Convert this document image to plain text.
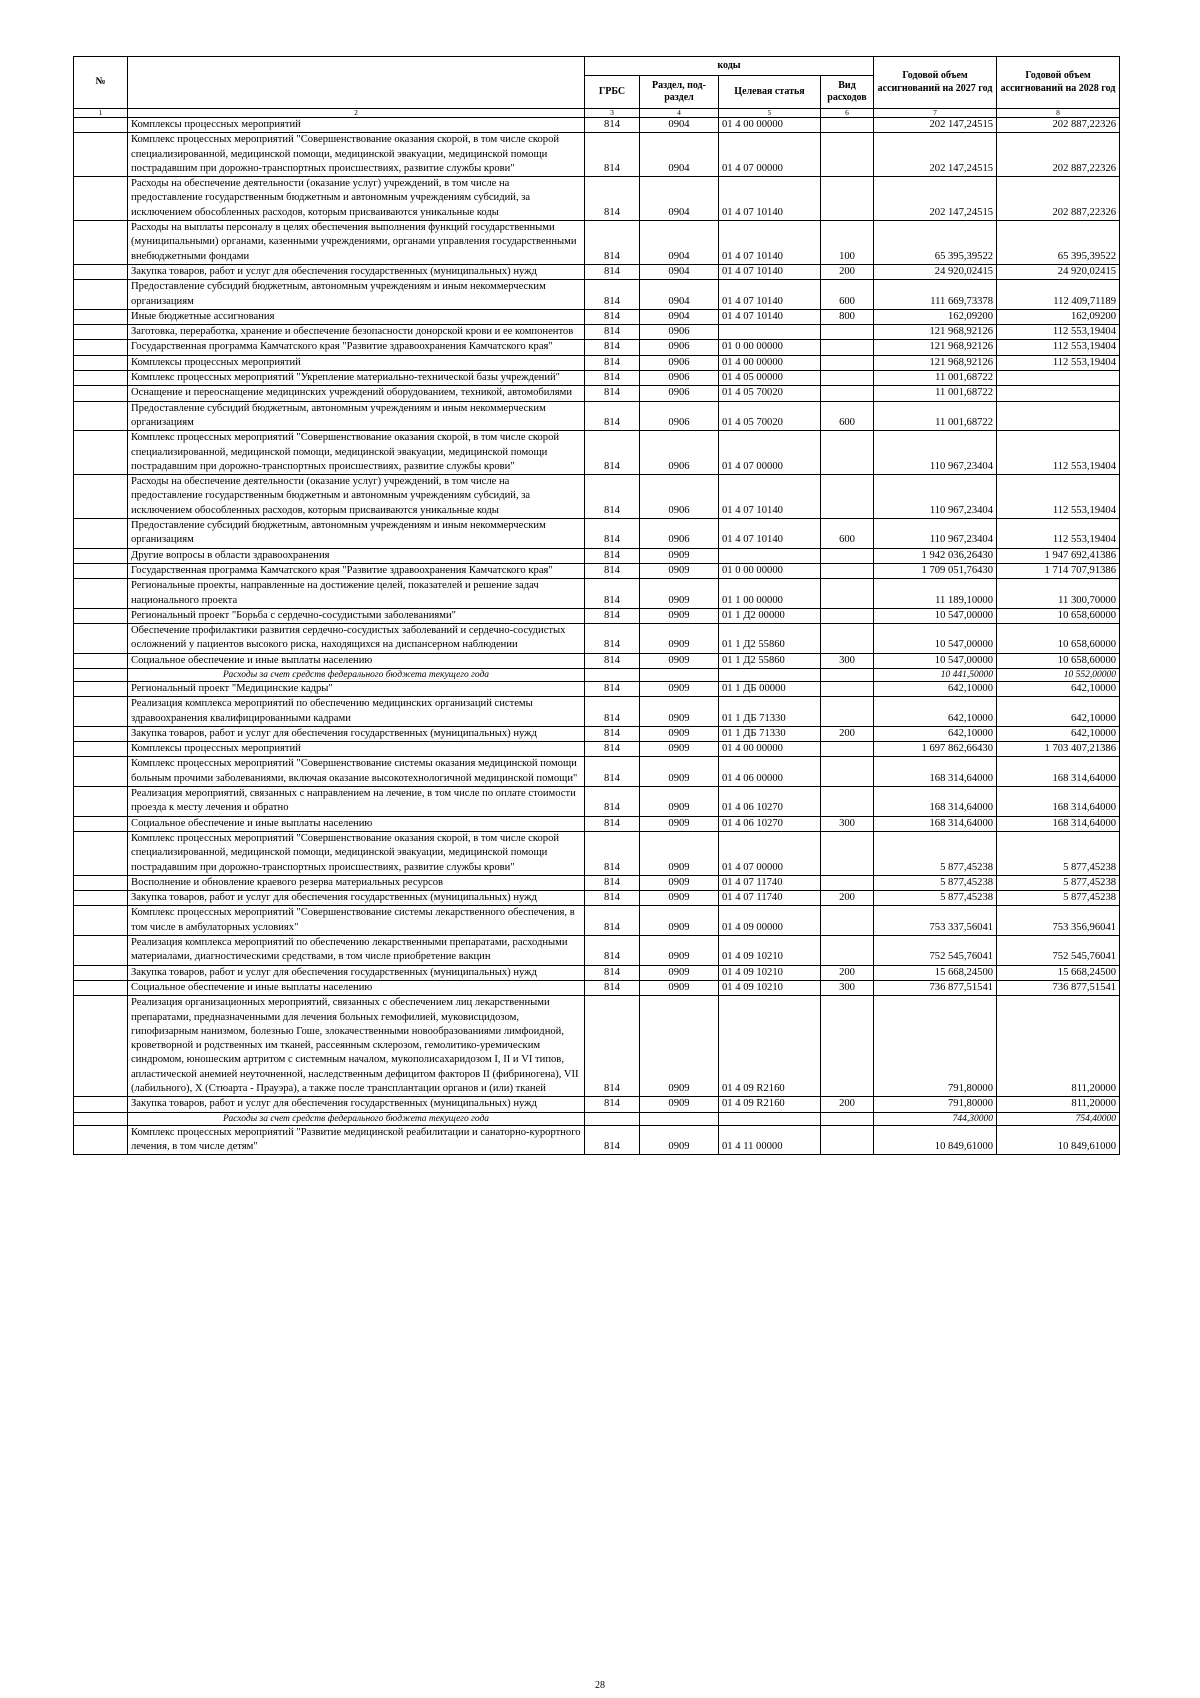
№		коды				Годовой объем ассигнований на 2027 год	Годовой объем ассигнований на 2028 год
		ГРБС	Раздел, под-раздел	Целевая статья	Вид расходов		
1	2	3	4	5	6	7	8
	Комплексы процессных мероприятий	814	0904	01 4 00 00000		202 147,24515	202 887,22326
	Комплекс процессных мероприятий "Совершенствование оказания скорой, в том числе скорой специализированной, медицинской помощи, медицинской эвакуации, медицинской помощи пострадавшим при дорожно-транспортных происшествиях, развитие службы крови"	814	0904	01 4 07 00000		202 147,24515	202 887,22326
	Расходы на обеспечение деятельности (оказание услуг) учреждений, в том числе на предоставление государственным бюджетным и автономным учреждениям субсидий, за исключением обособленных расходов, которым присваиваются уникальные коды	814	0904	01 4 07 10140		202 147,24515	202 887,22326
	Расходы на выплаты персоналу в целях обеспечения выполнения функций государственными (муниципальными) органами, казенными учреждениями, органами управления государственными внебюджетными фондами	814	0904	01 4 07 10140	100	65 395,39522	65 395,39522
	Закупка товаров, работ и услуг для обеспечения государственных (муниципальных) нужд	814	0904	01 4 07 10140	200	24 920,02415	24 920,02415
	Предоставление субсидий бюджетным, автономным учреждениям и иным некоммерческим организациям	814	0904	01 4 07 10140	600	111 669,73378	112 409,71189
	Иные бюджетные ассигнования	814	0904	01 4 07 10140	800	162,09200	162,09200
	Заготовка, переработка, хранение и обеспечение безопасности донорской крови и ее компонентов	814	0906			121 968,92126	112 553,19404
	Государственная программа Камчатского края "Развитие здравоохранения Камчатского края"	814	0906	01 0 00 00000		121 968,92126	112 553,19404
	Комплексы процессных мероприятий	814	0906	01 4 00 00000		121 968,92126	112 553,19404
	Комплекс процессных мероприятий "Укрепление материально-технической базы учреждений"	814	0906	01 4 05 00000		11 001,68722	
	Оснащение и переоснащение медицинских учреждений оборудованием, техникой, автомобилями	814	0906	01 4 05 70020		11 001,68722	
	Предоставление субсидий бюджетным, автономным учреждениям и иным некоммерческим организациям	814	0906	01 4 05 70020	600	11 001,68722	
	Комплекс процессных мероприятий "Совершенствование оказания скорой, в том числе скорой специализированной, медицинской помощи, медицинской эвакуации, медицинской помощи пострадавшим при дорожно-транспортных происшествиях, развитие службы крови"	814	0906	01 4 07 00000		110 967,23404	112 553,19404
	Расходы на обеспечение деятельности (оказание услуг) учреждений, в том числе на предоставление государственным бюджетным и автономным учреждениям субсидий, за исключением обособленных расходов, которым присваиваются уникальные коды	814	0906	01 4 07 10140		110 967,23404	112 553,19404
	Предоставление субсидий бюджетным, автономным учреждениям и иным некоммерческим организациям	814	0906	01 4 07 10140	600	110 967,23404	112 553,19404
	Другие вопросы в области здравоохранения	814	0909			1 942 036,26430	1 947 692,41386
	Государственная программа Камчатского края "Развитие здравоохранения Камчатского края"	814	0909	01 0 00 00000		1 709 051,76430	1 714 707,91386
	Региональные проекты, направленные на достижение целей, показателей и решение задач национального проекта	814	0909	01 1 00 00000		11 189,10000	11 300,70000
	Региональный проект "Борьба с сердечно-сосудистыми заболеваниями"	814	0909	01 1 Д2 00000		10 547,00000	10 658,60000
	Обеспечение профилактики развития сердечно-сосудистых заболеваний и сердечно-сосудистых осложнений у пациентов высокого риска, находящихся на диспансерном наблюдении	814	0909	01 1 Д2 55860		10 547,00000	10 658,60000
	Социальное обеспечение и иные выплаты населению	814	0909	01 1 Д2 55860	300	10 547,00000	10 658,60000
	Расходы за счет средств федерального бюджета текущего года					10 441,50000	10 552,00000
	Региональный проект "Медицинские кадры"	814	0909	01 1 ДБ 00000		642,10000	642,10000
	Реализация комплекса мероприятий по обеспечению медицинских организаций системы здравоохранения квалифицированными кадрами	814	0909	01 1 ДБ 71330		642,10000	642,10000
	Закупка товаров, работ и услуг для обеспечения государственных (муниципальных) нужд	814	0909	01 1 ДБ 71330	200	642,10000	642,10000
	Комплексы процессных мероприятий	814	0909	01 4 00 00000		1 697 862,66430	1 703 407,21386
	Комплекс процессных мероприятий "Совершенствование системы оказания медицинской помощи больным прочими заболеваниями, включая оказание высокотехнологичной медицинской помощи"	814	0909	01 4 06 00000		168 314,64000	168 314,64000
	Реализация мероприятий, связанных с направлением на лечение, в том числе по оплате стоимости проезда к месту лечения и обратно	814	0909	01 4 06 10270		168 314,64000	168 314,64000
	Социальное обеспечение и иные выплаты населению	814	0909	01 4 06 10270	300	168 314,64000	168 314,64000
	Комплекс процессных мероприятий "Совершенствование оказания скорой, в том числе скорой специализированной, медицинской помощи, медицинской эвакуации, медицинской помощи пострадавшим при дорожно-транспортных происшествиях, развитие службы крови"	814	0909	01 4 07 00000		5 877,45238	5 877,45238
	Восполнение и обновление краевого резерва материальных ресурсов	814	0909	01 4 07 11740		5 877,45238	5 877,45238
	Закупка товаров, работ и услуг для обеспечения государственных (муниципальных) нужд	814	0909	01 4 07 11740	200	5 877,45238	5 877,45238
	Комплекс процессных мероприятий "Совершенствование системы лекарственного обеспечения, в том числе в амбулаторных условиях"	814	0909	01 4 09 00000		753 337,56041	753 356,96041
	Реализация комплекса мероприятий по обеспечению лекарственными препаратами, расходными материалами, диагностическими средствами, в том числе приобретение вакцин	814	0909	01 4 09 10210		752 545,76041	752 545,76041
	Закупка товаров, работ и услуг для обеспечения государственных (муниципальных) нужд	814	0909	01 4 09 10210	200	15 668,24500	15 668,24500
	Социальное обеспечение и иные выплаты населению	814	0909	01 4 09 10210	300	736 877,51541	736 877,51541
	Реализация организационных мероприятий, связанных с обеспечением лиц лекарственными препаратами, предназначенными для лечения больных гемофилией, муковисцидозом, гипофизарным нанизмом, болезнью Гоше, злокачественными новообразованиями лимфоидной, кроветворной и родственных им тканей, рассеянным склерозом, гемолитико-уремическим синдромом, юношеским артритом с системным началом, мукополисахаридозом I, II и VI типов, апластической анемией неуточненной, наследственным дефицитом факторов II (фибриногена), VII (лабильного), X (Стюарта - Прауэра), а также после трансплантации органов и (или) тканей	814	0909	01 4 09 R2160		791,80000	811,20000
	Закупка товаров, работ и услуг для обеспечения государственных (муниципальных) нужд	814	0909	01 4 09 R2160	200	791,80000	811,20000
	Расходы за счет средств федерального бюджета текущего года					744,30000	754,40000
	Комплекс процессных мероприятий "Развитие медицинской реабилитации и санаторно-курортного лечения, в том числе детям"	814	0909	01 4 11 00000		10 849,61000	10 849,61000
28
